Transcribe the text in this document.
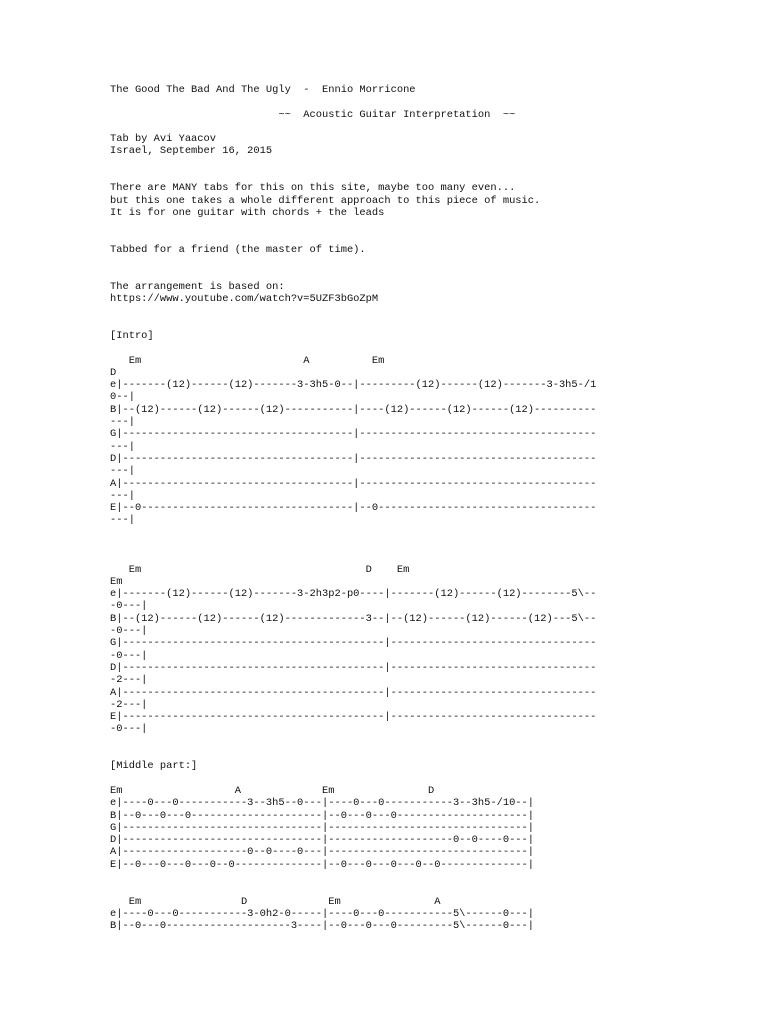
The Good The Bad And The Ugly  -  Ennio Morricone
~~  Acoustic Guitar Interpretation  ~~
Tab by Avi Yaacov
Israel, September 16, 2015
There are MANY tabs for this on this site, maybe too many even...
but this one takes a whole different approach to this piece of music.
It is for one guitar with chords + the leads
Tabbed for a friend (the master of time).
The arrangement is based on:
https://www.youtube.com/watch?v=5UZF3bGoZpM
[Intro]
Em                          A          Em
D
e|-------(12)------(12)-------3-3h5-0--|---------(12)------(12)-------3-3h5-/1
0--|
B|--(12)------(12)------(12)-----------|----(12)------(12)------(12)----------
---|
G|-------------------------------------|--------------------------------------
---|
D|-------------------------------------|--------------------------------------
---|
A|-------------------------------------|--------------------------------------
---|
E|--0----------------------------------|--0-----------------------------------
---|
Em                                    D    Em
Em
e|-------(12)------(12)-------3-2h3p2-p0----|-------(12)------(12)--------5\--
-0---|
B|--(12)------(12)------(12)-------------3--|--(12)------(12)------(12)---5\--
-0---|
G|------------------------------------------|---------------------------------
-0---|
D|------------------------------------------|---------------------------------
-2---|
A|------------------------------------------|---------------------------------
-2---|
E|------------------------------------------|---------------------------------
-0---|
[Middle part:]
Em                  A             Em               D
e|----0---0-----------3--3h5--0---|----0---0-----------3--3h5-/10--|
B|--0---0---0---------------------|--0---0---0---------------------|
G|--------------------------------|--------------------------------|
D|--------------------------------|--------------------0--0----0---|
A|--------------------0--0----0---|--------------------------------|
E|--0---0---0---0--0--------------|--0---0---0---0--0--------------|
Em                D             Em               A
e|----0---0-----------3-0h2-0-----|----0---0-----------5\------0---|
B|--0---0--------------------3----|--0---0---0---------5\------0---|
